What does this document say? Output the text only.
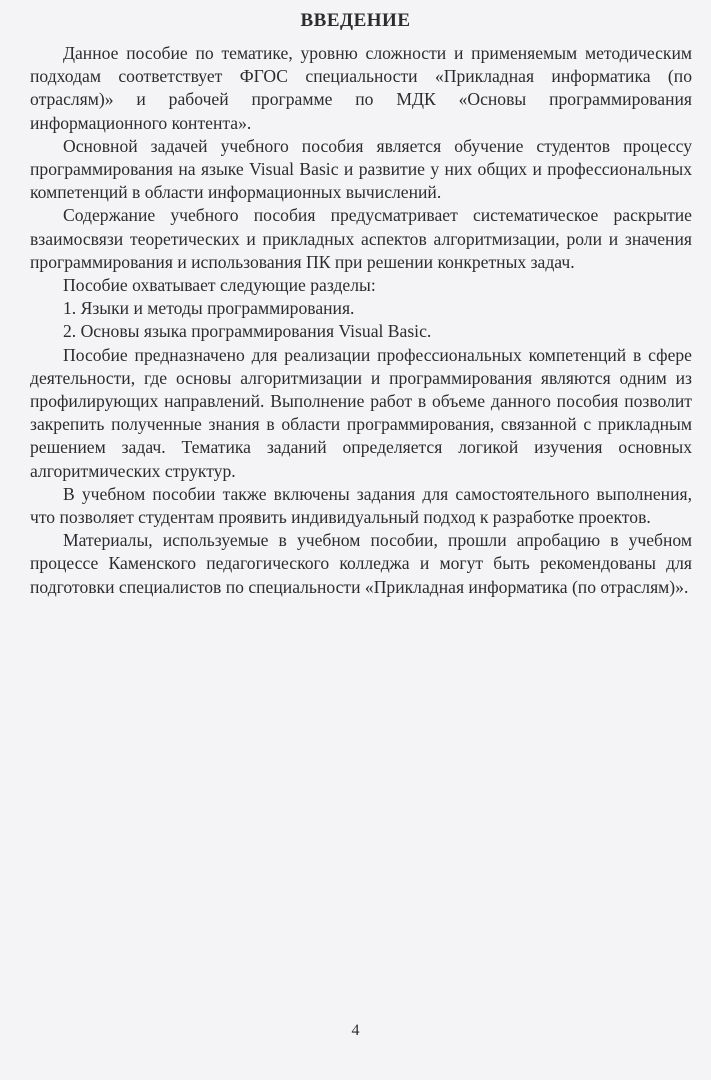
ВВЕДЕНИЕ

Данное пособие по тематике, уровню сложности и применяемым методическим подходам соответствует ФГОС специальности «Прикладная информатика (по отраслям)» и рабочей программе по МДК «Основы программирования информационного контента».

Основной задачей учебного пособия является обучение студентов процессу программирования на языке Visual Basic и развитие у них общих и профессиональных компетенций в области информационных вычислений.

Содержание учебного пособия предусматривает систематическое раскрытие взаимосвязи теоретических и прикладных аспектов алгоритмизации, роли и значения программирования и использования ПК при решении конкретных задач.

Пособие охватывает следующие разделы:

1. Языки и методы программирования.
2. Основы языка программирования Visual Basic.

Пособие предназначено для реализации профессиональных компетенций в сфере деятельности, где основы алгоритмизации и программирования являются одним из профилирующих направлений. Выполнение работ в объеме данного пособия позволит закрепить полученные знания в области программирования, связанной с прикладным решением задач. Тематика заданий определяется логикой изучения основных алгоритмических структур.

В учебном пособии также включены задания для самостоятельного выполнения, что позволяет студентам проявить индивидуальный подход к разработке проектов.

Материалы, используемые в учебном пособии, прошли апробацию в учебном процессе Каменского педагогического колледжа и могут быть рекомендованы для подготовки специалистов по специальности «Прикладная информатика (по отраслям)».

4
